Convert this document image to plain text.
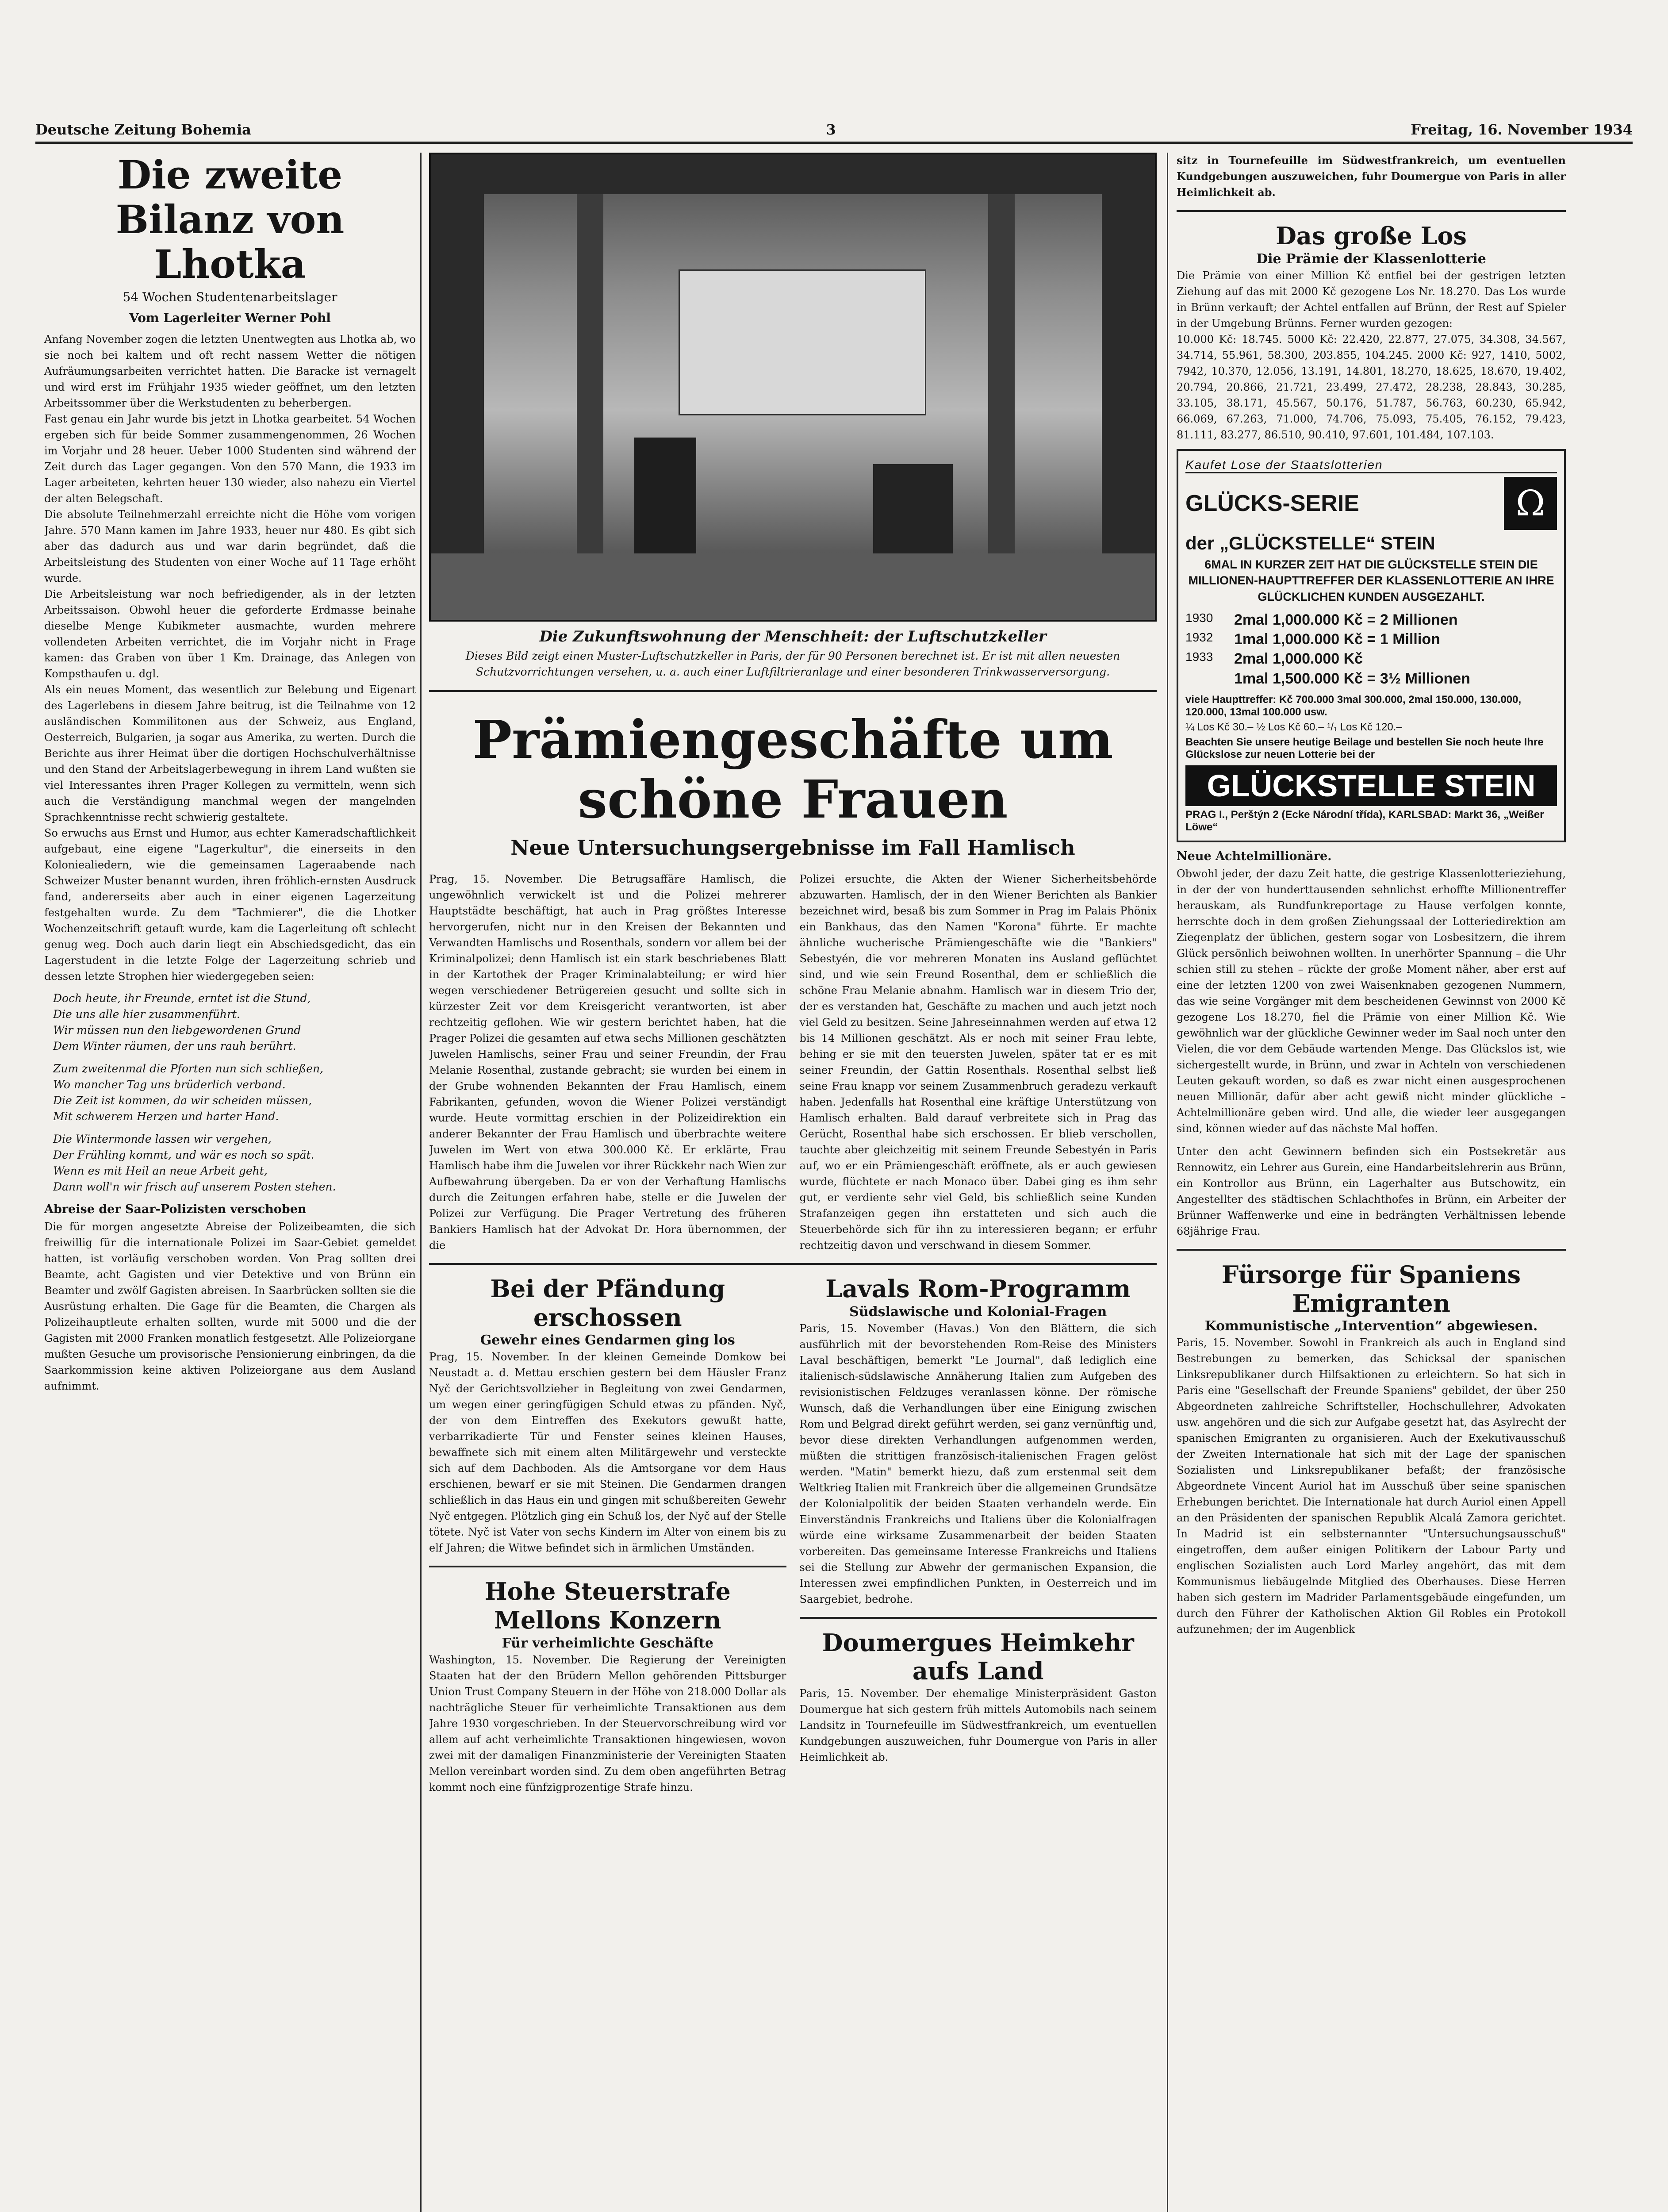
Deutsche Zeitung Bohemia	3	Freitag, 16. November 1934
Die zweite Bilanz von Lhotka
54 Wochen Studentenarbeitslager
Vom Lagerleiter Werner Pohl

Anfang November zogen die letzten Unentwegten aus Lhotka ab, wo sie noch bei kaltem und oft recht nassem Wetter die nötigen Aufräumungsarbeiten verrichtet hatten. Die Baracke ist vernagelt und wird erst im Frühjahr 1935 wieder geöffnet, um den letzten Arbeitssommer über die Werkstudenten zu beherbergen.

Fast genau ein Jahr wurde bis jetzt in Lhotka gearbeitet. 54 Wochen ergeben sich für beide Sommer zusammengenommen, 26 Wochen im Vorjahr und 28 heuer. Ueber 1000 Studenten sind während der Zeit durch das Lager gegangen. Von den 570 Mann, die 1933 im Lager arbeiteten, kehrten heuer 130 wieder, also nahezu ein Viertel der alten Belegschaft.

Die absolute Teilnehmerzahl erreichte nicht die Höhe vom vorigen Jahre. 570 Mann kamen im Jahre 1933, heuer nur 480. Es gibt sich aber das dadurch aus und war darin begründet, daß die Arbeitsleistung des Studenten von einer Woche auf 11 Tage erhöht wurde.

Die Arbeitsleistung war noch befriedigender, als in der letzten Arbeitssaison. Obwohl heuer die geforderte Erdmasse beinahe dieselbe Menge Kubikmeter ausmachte, wurden mehrere vollendeten Arbeiten verrichtet, die im Vorjahr nicht in Frage kamen: das Graben von über 1 Km. Drainage, das Anlegen von Kompsthaufen u. dgl.

Als ein neues Moment, das wesentlich zur Belebung und Eigenart des Lagerlebens in diesem Jahre beitrug, ist die Teilnahme von 12 ausländischen Kommilitonen aus der Schweiz, aus England, Oesterreich, Bulgarien, ja sogar aus Amerika, zu werten. Durch die Berichte aus ihrer Heimat über die dortigen Hochschulverhältnisse und den Stand der Arbeitslagerbewegung in ihrem Land wußten sie viel Interessantes ihren Prager Kollegen zu vermitteln, wenn sich auch die Verständigung manchmal wegen der mangelnden Sprachkenntnisse recht schwierig gestaltete.

So erwuchs aus Ernst und Humor, aus echter Kameradschaftlichkeit aufgebaut, eine eigene "Lagerkultur", die einerseits in den Koloniealiedern, wie die gemeinsamen Lageraabende nach Schweizer Muster benannt wurden, ihren fröhlich-ernsten Ausdruck fand, andererseits aber auch in einer eigenen Lagerzeitung festgehalten wurde. Zu dem "Tachmierer", die die Lhotker Wochenzeitschrift getauft wurde, kam die Lagerleitung oft schlecht genug weg. Doch auch darin liegt ein Abschiedsgedicht, das ein Lagerstudent in die letzte Folge der Lagerzeitung schrieb und dessen letzte Strophen hier wiedergegeben seien:

Doch heute, ihr Freunde, erntet ist die Stund,
Die uns alle hier zusammenführt.
Wir müssen nun den liebgewordenen Grund
Dem Winter räumen, der uns rauh berührt.

Zum zweitenmal die Pforten nun sich schließen,
Wo mancher Tag uns brüderlich verband.
Die Zeit ist kommen, da wir scheiden müssen,
Mit schwerem Herzen und harter Hand.

Die Wintermonde lassen wir vergehen,
Der Frühling kommt, und wär es noch so spät.
Wenn es mit Heil an neue Arbeit geht,
Dann woll'n wir frisch auf unserem Posten stehen.

Abreise der Saar-Polizisten verschoben

Die für morgen angesetzte Abreise der Polizeibeamten, die sich freiwillig für die internationale Polizei im Saar-Gebiet gemeldet hatten, ist vorläufig verschoben worden. Von Prag sollten drei Beamte, acht Gagisten und vier Detektive und von Brünn ein Beamter und zwölf Gagisten abreisen. In Saarbrücken sollten sie die Ausrüstung erhalten. Die Gage für die Beamten, die Chargen als Polizeihauptleute erhalten sollten, wurde mit 5000 und die der Gagisten mit 2000 Franken monatlich festgesetzt. Alle Polizeiorgane mußten Gesuche um provisorische Pensionierung einbringen, da die Saarkommission keine aktiven Polizeiorgane aus dem Ausland aufnimmt.

Die Zukunftswohnung der Menschheit: der Luftschutzkeller
Dieses Bild zeigt einen Muster-Luftschutzkeller in Paris, der für 90 Personen berechnet ist. Er ist mit allen neuesten Schutzvorrichtungen versehen, u. a. auch einer Luftfiltrieranlage und einer besonderen Trinkwasserversorgung.
Prämiengeschäfte um schöne Frauen
Neue Untersuchungsergebnisse im Fall Hamlisch

Prag, 15. November. Die Betrugsaffäre Hamlisch, die ungewöhnlich verwickelt ist und die Polizei mehrerer Hauptstädte beschäftigt, hat auch in Prag größtes Interesse hervorgerufen, nicht nur in den Kreisen der Bekannten und Verwandten Hamlischs und Rosenthals, sondern vor allem bei der Kriminalpolizei; denn Hamlisch ist ein stark beschriebenes Blatt in der Kartothek der Prager Kriminalabteilung; er wird hier wegen verschiedener Betrügereien gesucht und sollte sich in kürzester Zeit vor dem Kreisgericht verantworten, ist aber rechtzeitig geflohen. Wie wir gestern berichtet haben, hat die Prager Polizei die gesamten auf etwa sechs Millionen geschätzten Juwelen Hamlischs, seiner Frau und seiner Freundin, der Frau Melanie Rosenthal, zustande gebracht; sie wurden bei einem in der Grube wohnenden Bekannten der Frau Hamlisch, einem Fabrikanten, gefunden, wovon die Wiener Polizei verständigt wurde. Heute vormittag erschien in der Polizeidirektion ein anderer Bekannter der Frau Hamlisch und überbrachte weitere Juwelen im Wert von etwa 300.000 Kč. Er erklärte, Frau Hamlisch habe ihm die Juwelen vor ihrer Rückkehr nach Wien zur Aufbewahrung übergeben. Da er von der Verhaftung Hamlischs durch die Zeitungen erfahren habe, stelle er die Juwelen der Polizei zur Verfügung. Die Prager Vertretung des früheren Bankiers Hamlisch hat der Advokat Dr. Hora übernommen, der die

Polizei ersuchte, die Akten der Wiener Sicherheitsbehörde abzuwarten. Hamlisch, der in den Wiener Berichten als Bankier bezeichnet wird, besaß bis zum Sommer in Prag im Palais Phönix ein Bankhaus, das den Namen "Korona" führte. Er machte ähnliche wucherische Prämiengeschäfte wie die "Bankiers" Sebestyén, die vor mehreren Monaten ins Ausland geflüchtet sind, und wie sein Freund Rosenthal, dem er schließlich die schöne Frau Melanie abnahm. Hamlisch war in diesem Trio der, der es verstanden hat, Geschäfte zu machen und auch jetzt noch viel Geld zu besitzen. Seine Jahreseinnahmen werden auf etwa 12 bis 14 Millionen geschätzt. Als er noch mit seiner Frau lebte, behing er sie mit den teuersten Juwelen, später tat er es mit seiner Freundin, der Gattin Rosenthals. Rosenthal selbst ließ seine Frau knapp vor seinem Zusammenbruch geradezu verkauft haben. Jedenfalls hat Rosenthal eine kräftige Unterstützung von Hamlisch erhalten. Bald darauf verbreitete sich in Prag das Gerücht, Rosenthal habe sich erschossen. Er blieb verschollen, tauchte aber gleichzeitig mit seinem Freunde Sebestyén in Paris auf, wo er ein Prämiengeschäft eröffnete, als er auch gewiesen wurde, flüchtete er nach Monaco über. Dabei ging es ihm sehr gut, er verdiente sehr viel Geld, bis schließlich seine Kunden Strafanzeigen gegen ihn erstatteten und sich auch die Steuerbehörde sich für ihn zu interessieren begann; er erfuhr rechtzeitig davon und verschwand in diesem Sommer.

Bei der Pfändung erschossen
Gewehr eines Gendarmen ging los

Prag, 15. November. In der kleinen Gemeinde Domkow bei Neustadt a. d. Mettau erschien gestern bei dem Häusler Franz Nyč der Gerichtsvollzieher in Begleitung von zwei Gendarmen, um wegen einer geringfügigen Schuld etwas zu pfänden. Nyč, der von dem Eintreffen des Exekutors gewußt hatte, verbarrikadierte Tür und Fenster seines kleinen Hauses, bewaffnete sich mit einem alten Militärgewehr und versteckte sich auf dem Dachboden. Als die Amtsorgane vor dem Haus erschienen, bewarf er sie mit Steinen. Die Gendarmen drangen schließlich in das Haus ein und gingen mit schußbereiten Gewehr Nyč entgegen. Plötzlich ging ein Schuß los, der Nyč auf der Stelle tötete. Nyč ist Vater von sechs Kindern im Alter von einem bis zu elf Jahren; die Witwe befindet sich in ärmlichen Umständen.

Hohe Steuerstrafe Mellons Konzern
Für verheimlichte Geschäfte

Washington, 15. November. Die Regierung der Vereinigten Staaten hat der den Brüdern Mellon gehörenden Pittsburger Union Trust Company Steuern in der Höhe von 218.000 Dollar als nachträgliche Steuer für verheimlichte Transaktionen aus dem Jahre 1930 vorgeschrieben. In der Steuervorschreibung wird vor allem auf acht verheimlichte Transaktionen hingewiesen, wovon zwei mit der damaligen Finanzministerie der Vereinigten Staaten Mellon vereinbart worden sind. Zu dem oben angeführten Betrag kommt noch eine fünfzigprozentige Strafe hinzu.

Lavals Rom-Programm
Südslawische und Kolonial-Fragen

Paris, 15. November (Havas.) Von den Blättern, die sich ausführlich mit der bevorstehenden Rom-Reise des Ministers Laval beschäftigen, bemerkt "Le Journal", daß lediglich eine italienisch-südslawische Annäherung Italien zum Aufgeben des revisionistischen Feldzuges veranlassen könne. Der römische Wunsch, daß die Verhandlungen über eine Einigung zwischen Rom und Belgrad direkt geführt werden, sei ganz vernünftig und, bevor diese direkten Verhandlungen aufgenommen werden, müßten die strittigen französisch-italienischen Fragen gelöst werden. "Matin" bemerkt hiezu, daß zum erstenmal seit dem Weltkrieg Italien mit Frankreich über die allgemeinen Grundsätze der Kolonialpolitik der beiden Staaten verhandeln werde. Ein Einverständnis Frankreichs und Italiens über die Kolonialfragen würde eine wirksame Zusammenarbeit der beiden Staaten vorbereiten. Das gemeinsame Interesse Frankreichs und Italiens sei die Stellung zur Abwehr der germanischen Expansion, die Interessen zwei empfindlichen Punkten, in Oesterreich und im Saargebiet, bedrohe.

Doumergues Heimkehr aufs Land

Paris, 15. November. Der ehemalige Ministerpräsident Gaston Doumergue hat sich gestern früh mittels Automobils nach seinem Landsitz in Tournefeuille im Südwestfrankreich, um eventuellen Kundgebungen auszuweichen, fuhr Doumergue von Paris in aller Heimlichkeit ab.

sitz in Tournefeuille im Südwestfrankreich, um eventuellen Kundgebungen auszuweichen, fuhr Doumergue von Paris in aller Heimlichkeit ab.

Das große Los
Die Prämie der Klassenlotterie

Die Prämie von einer Million Kč entfiel bei der gestrigen letzten Ziehung auf das mit 2000 Kč gezogene Los Nr. 18.270. Das Los wurde in Brünn verkauft; der Achtel entfallen auf Brünn, der Rest auf Spieler in der Umgebung Brünns. Ferner wurden gezogen:

10.000 Kč: 18.745. 5000 Kč: 22.420, 22.877, 27.075, 34.308, 34.567, 34.714, 55.961, 58.300, 203.855, 104.245. 2000 Kč: 927, 1410, 5002, 7942, 10.370, 12.056, 13.191, 14.801, 18.270, 18.625, 18.670, 19.402, 20.794, 20.866, 21.721, 23.499, 27.472, 28.238, 28.843, 30.285, 33.105, 38.171, 45.567, 50.176, 51.787, 56.763, 60.230, 65.942, 66.069, 67.263, 71.000, 74.706, 75.093, 75.405, 76.152, 79.423, 81.111, 83.277, 86.510, 90.410, 97.601, 101.484, 107.103.

Kaufet Lose der Staatslotterien
GLÜCKS-SERIE	Ω
der „GLÜCKSTELLE“ STEIN
6MAL IN KURZER ZEIT HAT DIE GLÜCKSTELLE STEIN DIE MILLIONEN-HAUPTTREFFER DER KLASSENLOTTERIE AN IHRE GLÜCKLICHEN KUNDEN AUSGEZAHLT.
1930	2mal 1,000.000 Kč = 2 Millionen
1932	1mal 1,000.000 Kč = 1 Million
1933	2mal 1,000.000 Kč
1mal 1,500.000 Kč = 3½ Millionen
viele Haupttreffer: Kč 700.000 3mal 300.000, 2mal 150.000, 130.000, 120.000, 13mal 100.000 usw.
¼ Los Kč 30.– ½ Los Kč 60.– ¹/₁ Los Kč 120.–
Beachten Sie unsere heutige Beilage und bestellen Sie noch heute Ihre Glückslose zur neuen Lotterie bei der
GLÜCKSTELLE STEIN
PRAG I., Perštýn 2 (Ecke Národní třída), KARLSBAD: Markt 36, „Weißer Löwe“
Neue Achtelmillionäre.

Obwohl jeder, der dazu Zeit hatte, die gestrige Klassenlotterieziehung, in der der von hunderttausenden sehnlichst erhoffte Millionentreffer herauskam, als Rundfunkreportage zu Hause verfolgen konnte, herrschte doch in dem großen Ziehungssaal der Lotteriedirektion am Ziegenplatz der üblichen, gestern sogar von Losbesitzern, die ihrem Glück persönlich beiwohnen wollten. In unerhörter Spannung – die Uhr schien still zu stehen – rückte der große Moment näher, aber erst auf eine der letzten 1200 von zwei Waisenknaben gezogenen Nummern, das wie seine Vorgänger mit dem bescheidenen Gewinnst von 2000 Kč gezogene Los 18.270, fiel die Prämie von einer Million Kč. Wie gewöhnlich war der glückliche Gewinner weder im Saal noch unter den Vielen, die vor dem Gebäude wartenden Menge. Das Glückslos ist, wie sichergestellt wurde, in Brünn, und zwar in Achteln von verschiedenen Leuten gekauft worden, so daß es zwar nicht einen ausgesprochenen neuen Millionär, dafür aber acht gewiß nicht minder glückliche – Achtelmillionäre geben wird. Und alle, die wieder leer ausgegangen sind, können wieder auf das nächste Mal hoffen.

Unter den acht Gewinnern befinden sich ein Postsekretär aus Rennowitz, ein Lehrer aus Gurein, eine Handarbeitslehrerin aus Brünn, ein Kontrollor aus Brünn, ein Lagerhalter aus Butschowitz, ein Angestellter des städtischen Schlachthofes in Brünn, ein Arbeiter der Brünner Waffenwerke und eine in bedrängten Verhältnissen lebende 68jährige Frau.

Fürsorge für Spaniens Emigranten
Kommunistische „Intervention“ abgewiesen.

Paris, 15. November. Sowohl in Frankreich als auch in England sind Bestrebungen zu bemerken, das Schicksal der spanischen Linksrepublikaner durch Hilfsaktionen zu erleichtern. So hat sich in Paris eine "Gesellschaft der Freunde Spaniens" gebildet, der über 250 Abgeordneten zahlreiche Schriftsteller, Hochschullehrer, Advokaten usw. angehören und die sich zur Aufgabe gesetzt hat, das Asylrecht der spanischen Emigranten zu organisieren. Auch der Exekutivausschuß der Zweiten Internationale hat sich mit der Lage der spanischen Sozialisten und Linksrepublikaner befaßt; der französische Abgeordnete Vincent Auriol hat im Ausschuß über seine spanischen Erhebungen berichtet. Die Internationale hat durch Auriol einen Appell an den Präsidenten der spanischen Republik Alcalá Zamora gerichtet. In Madrid ist ein selbsternannter "Untersuchungsausschuß" eingetroffen, dem außer einigen Politikern der Labour Party und englischen Sozialisten auch Lord Marley angehört, das mit dem Kommunismus liebäugelnde Mitglied des Oberhauses. Diese Herren haben sich gestern im Madrider Parlamentsgebäude eingefunden, um durch den Führer der Katholischen Aktion Gil Robles ein Protokoll aufzunehmen; der im Augenblick
